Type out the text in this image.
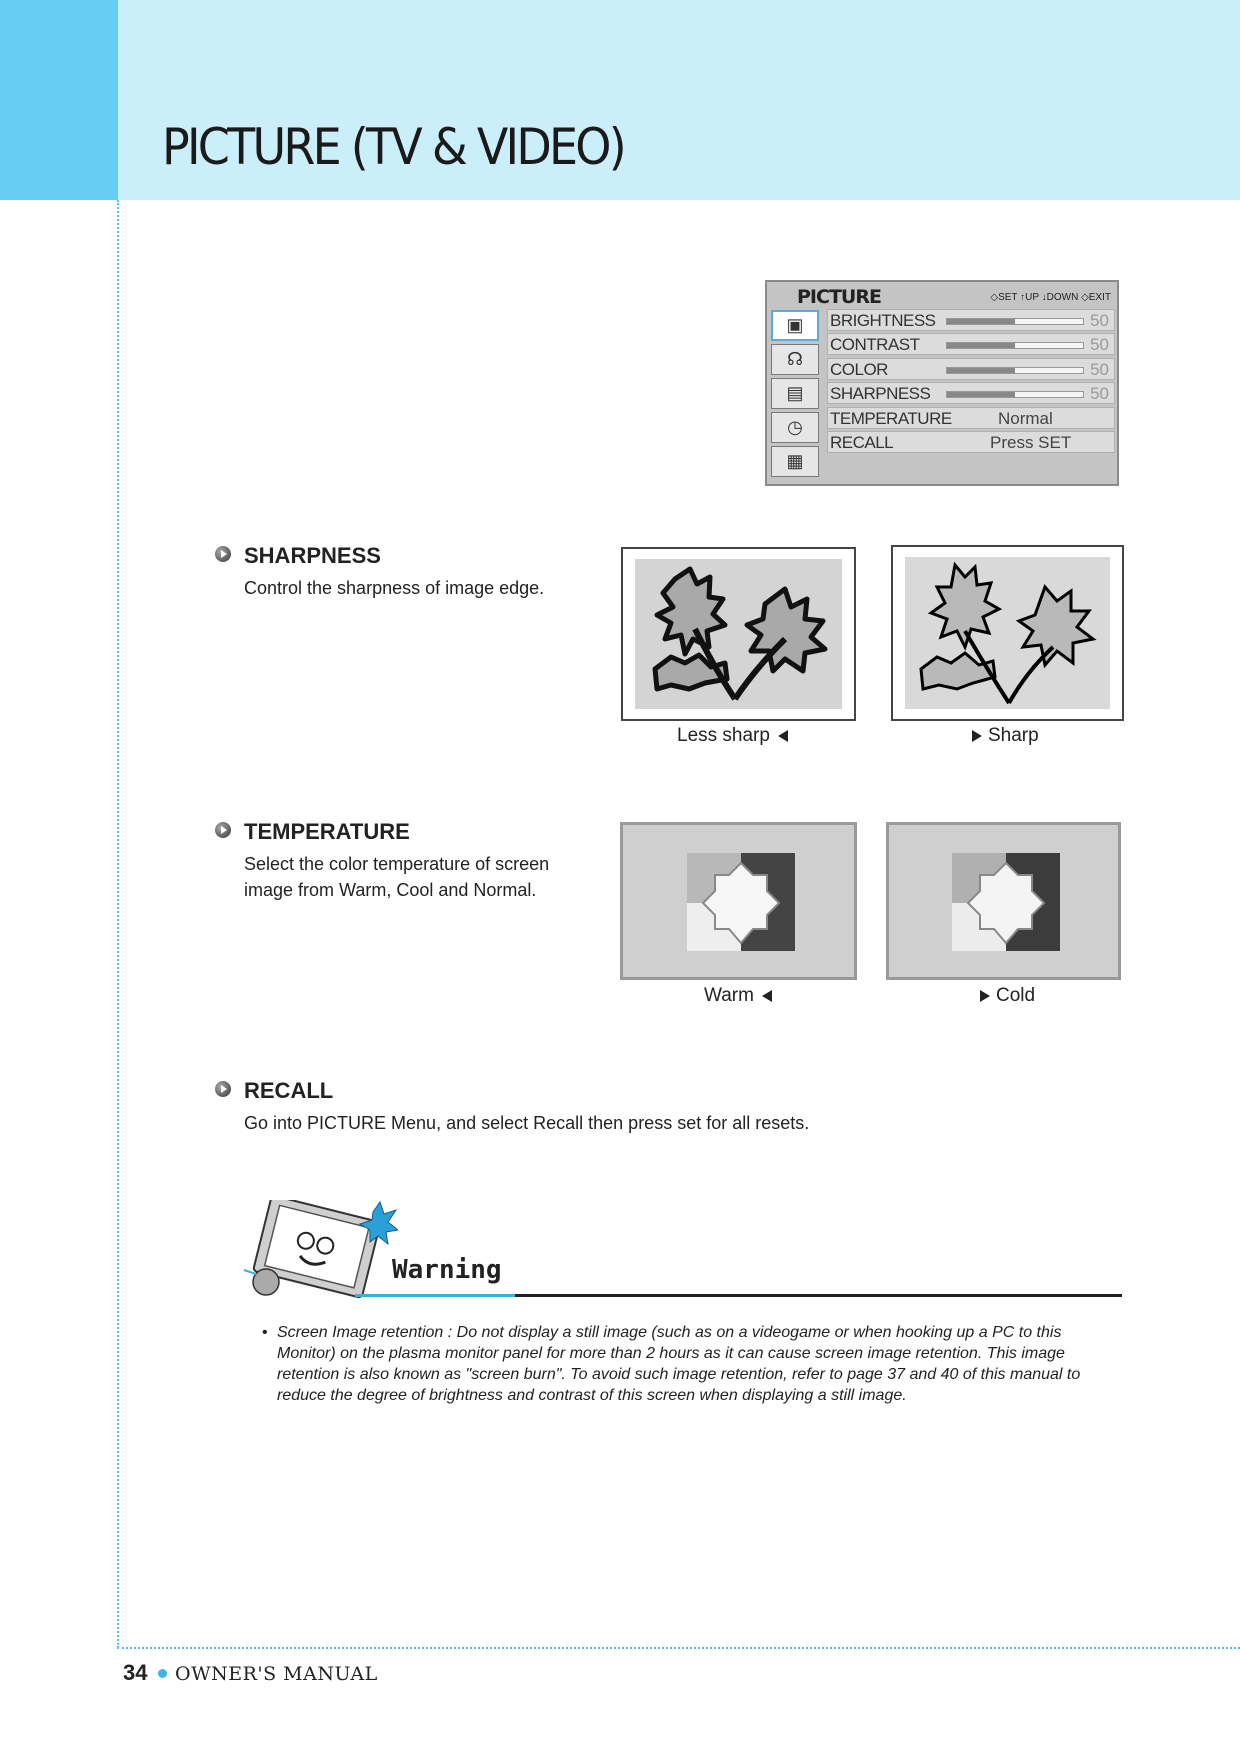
PICTURE (TV & VIDEO)
PICTURE	◇SET ↑UP ↓DOWN ◇EXIT
▣
☊
▤
◷
▦
BRIGHTNESS	50
CONTRAST	50
COLOR	50
SHARPNESS	50
TEMPERATURE	Normal
RECALL	Press SET
SHARPNESS
Control the sharpness of image edge.
Less sharp	Sharp
TEMPERATURE
Select the color temperature of screen
image from Warm, Cool and Normal.
Warm	Cold
RECALL
Go into PICTURE Menu, and select Recall then press set for all resets.
Warning
• Screen Image retention : Do not display a still image (such as on a videogame or when hooking up a PC to this Monitor) on the plasma monitor panel for more than 2 hours as it can cause screen image retention. This image retention is also known as "screen burn". To avoid such image retention, refer to page 37 and 40 of this manual to reduce the degree of brightness and contrast of this screen when displaying a still image.
34 OWNER'S MANUAL
